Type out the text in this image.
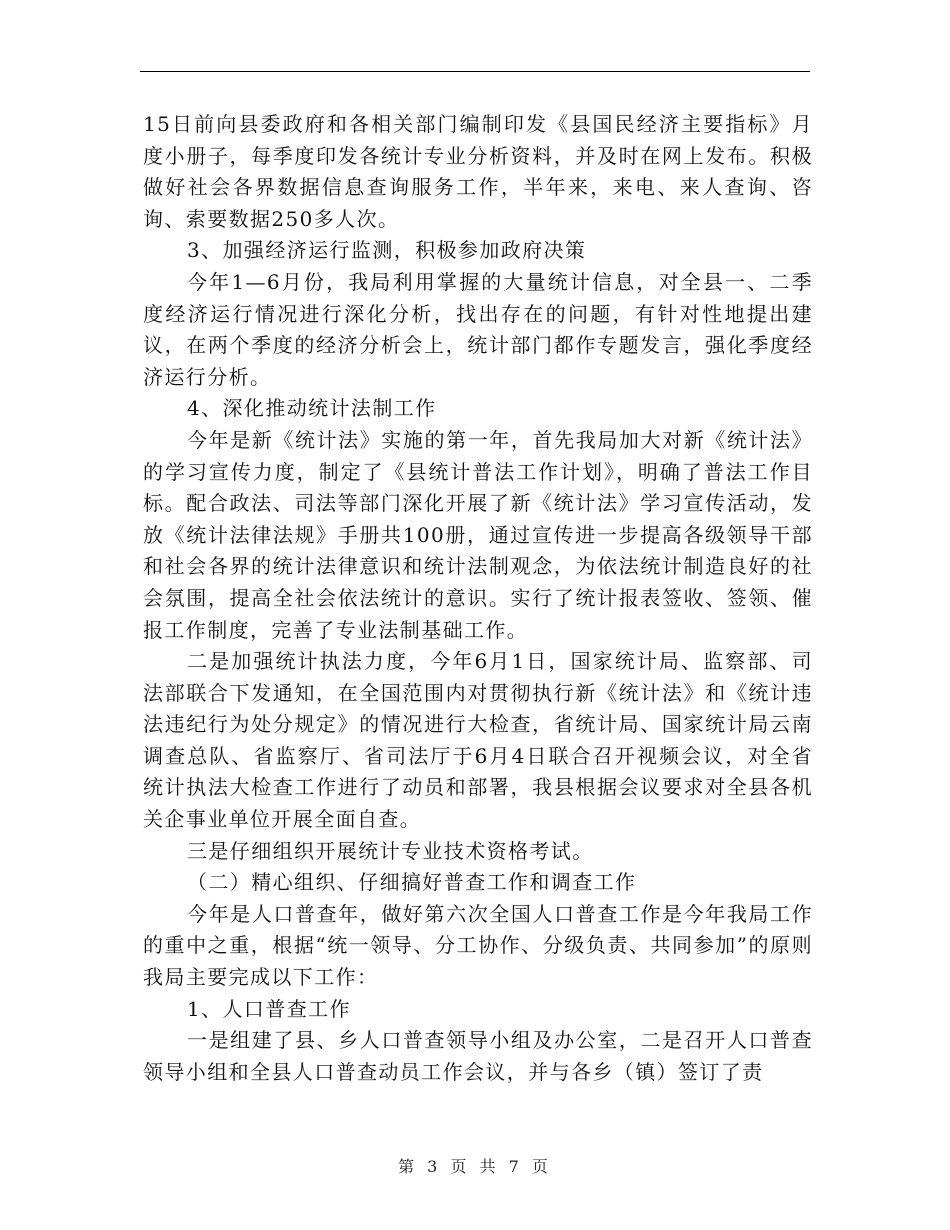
15日前向县委政府和各相关部门编制印发《县国民经济主要指标》月度小册子，每季度印发各统计专业分析资料，并及时在网上发布。积极做好社会各界数据信息查询服务工作，半年来，来电、来人查询、咨询、索要数据250多人次。

3、加强经济运行监测，积极参加政府决策

今年1—6月份，我局利用掌握的大量统计信息，对全县一、二季度经济运行情况进行深化分析，找出存在的问题，有针对性地提出建议，在两个季度的经济分析会上，统计部门都作专题发言，强化季度经济运行分析。

4、深化推动统计法制工作

今年是新《统计法》实施的第一年，首先我局加大对新《统计法》的学习宣传力度，制定了《县统计普法工作计划》，明确了普法工作目标。配合政法、司法等部门深化开展了新《统计法》学习宣传活动，发放《统计法律法规》手册共100册，通过宣传进一步提高各级领导干部和社会各界的统计法律意识和统计法制观念，为依法统计制造良好的社会氛围，提高全社会依法统计的意识。实行了统计报表签收、签领、催报工作制度，完善了专业法制基础工作。

二是加强统计执法力度，今年6月1日，国家统计局、监察部、司法部联合下发通知，在全国范围内对贯彻执行新《统计法》和《统计违法违纪行为处分规定》的情况进行大检查，省统计局、国家统计局云南调查总队、省监察厅、省司法厅于6月4日联合召开视频会议，对全省统计执法大检查工作进行了动员和部署，我县根据会议要求对全县各机关企事业单位开展全面自查。

三是仔细组织开展统计专业技术资格考试。

（二）精心组织、仔细搞好普查工作和调查工作

今年是人口普查年，做好第六次全国人口普查工作是今年我局工作的重中之重，根据“统一领导、分工协作、分级负责、共同参加”的原则我局主要完成以下工作：

1、人口普查工作

一是组建了县、乡人口普查领导小组及办公室，二是召开人口普查领导小组和全县人口普查动员工作会议，并与各乡（镇）签订了责

第 3 页 共 7 页
